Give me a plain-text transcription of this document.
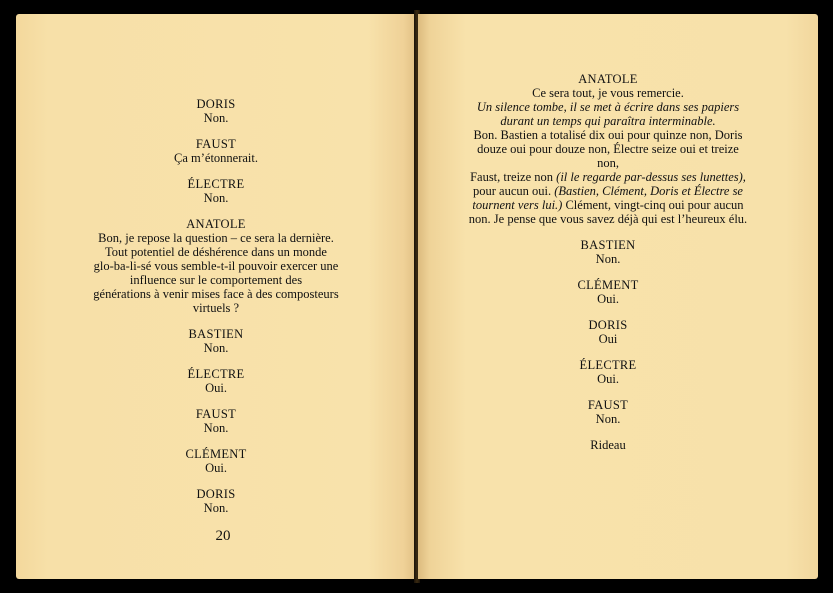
DORIS
Non.
FAUST
Ça m’étonnerait.
ÉLECTRE
Non.
ANATOLE
Bon, je repose la question – ce sera la dernière.
Tout potentiel de déshérence dans un monde
glo-ba-li-sé vous semble-t-il pouvoir exercer une
influence sur le comportement des
générations à venir mises face à des composteurs
virtuels ?
BASTIEN
Non.
ÉLECTRE
Oui.
FAUST
Non.
CLÉMENT
Oui.
DORIS
Non.
20
ANATOLE
Ce sera tout, je vous remercie.
Un silence tombe, il se met à écrire dans ses papiers
durant un temps qui paraîtra interminable.
Bon. Bastien a totalisé dix oui pour quinze non, Doris
douze oui pour douze non, Électre seize oui et treize non,
Faust, treize non (il le regarde par-dessus ses lunettes),
pour aucun oui. (Bastien, Clément, Doris et Électre se
tournent vers lui.) Clément, vingt-cinq oui pour aucun
non. Je pense que vous savez déjà qui est l’heureux élu.
BASTIEN
Non.
CLÉMENT
Oui.
DORIS
Oui
ÉLECTRE
Oui.
FAUST
Non.
Rideau
